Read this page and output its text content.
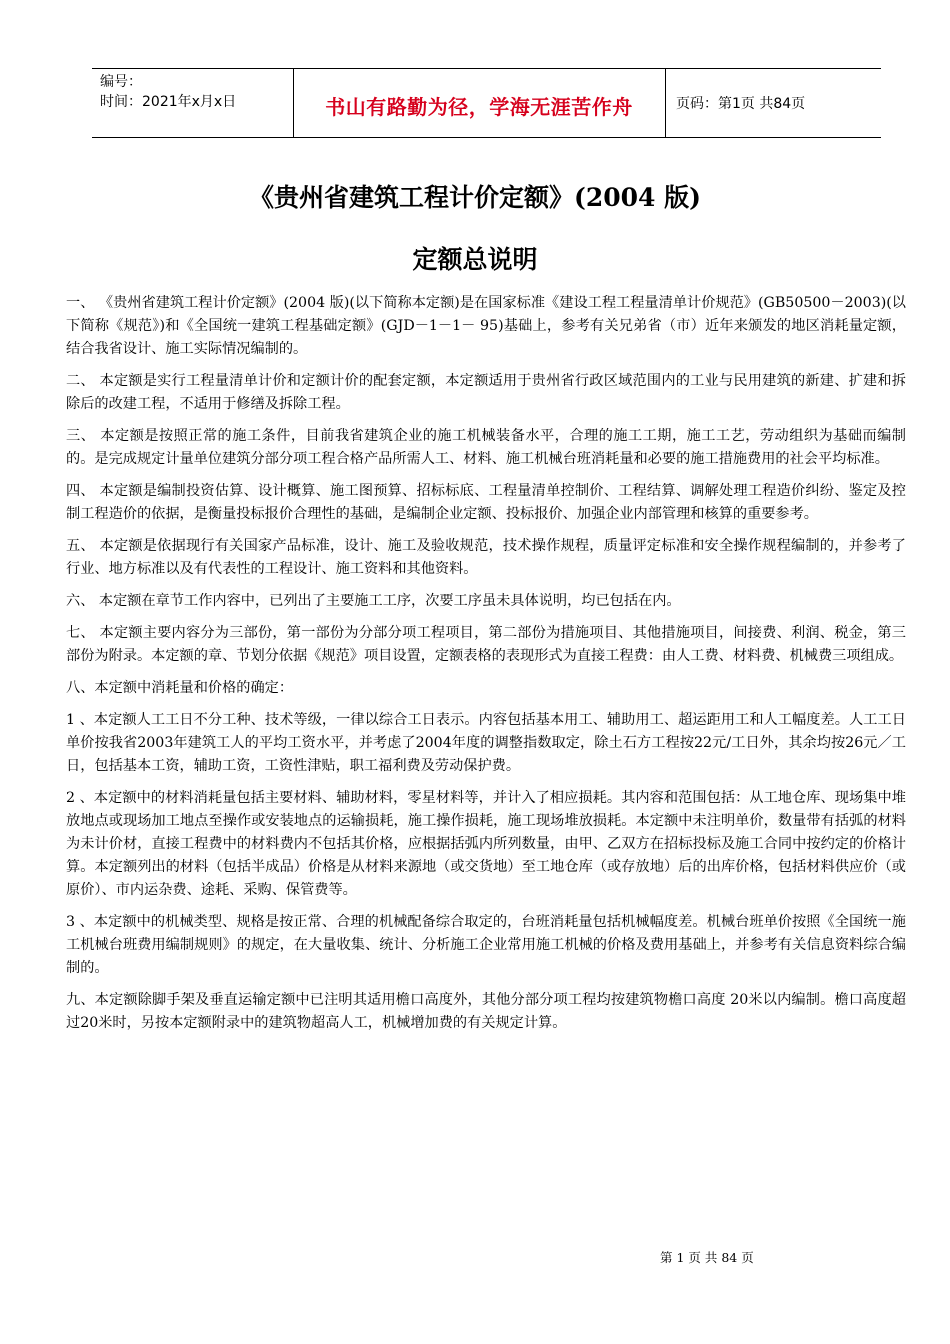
编号：
时间：2021年x月x日	书山有路勤为径，学海无涯苦作舟	页码：第1页 共84页
《贵州省建筑工程计价定额》(2004 版)
定额总说明

一、 《贵州省建筑工程计价定额》(2004 版)(以下简称本定额)是在国家标准《建设工程工程量清单计价规范》(GB50500－2003)(以下简称《规范》)和《全国统一建筑工程基础定额》(GJD－1－1－ 95)基础上，参考有关兄弟省（市）近年来颁发的地区消耗量定额，结合我省设计、施工实际情况编制的。

二、 本定额是实行工程量清单计价和定额计价的配套定额，本定额适用于贵州省行政区域范围内的工业与民用建筑的新建、扩建和拆除后的改建工程，不适用于修缮及拆除工程。

三、 本定额是按照正常的施工条件，目前我省建筑企业的施工机械装备水平，合理的施工工期，施工工艺，劳动组织为基础而编制的。是完成规定计量单位建筑分部分项工程合格产品所需人工、材料、施工机械台班消耗量和必要的施工措施费用的社会平均标准。

四、 本定额是编制投资估算、设计概算、施工图预算、招标标底、工程量清单控制价、工程结算、调解处理工程造价纠纷、鉴定及控制工程造价的依据，是衡量投标报价合理性的基础，是编制企业定额、投标报价、加强企业内部管理和核算的重要参考。

五、 本定额是依据现行有关国家产品标准，设计、施工及验收规范，技术操作规程，质量评定标准和安全操作规程编制的，并参考了行业、地方标准以及有代表性的工程设计、施工资料和其他资料。

六、 本定额在章节工作内容中，已列出了主要施工工序，次要工序虽未具体说明，均已包括在内。

七、 本定额主要内容分为三部份，第一部份为分部分项工程项目，第二部份为措施项目、其他措施项目，间接费、利润、税金，第三部份为附录。本定额的章、节划分依据《规范》项目设置，定额表格的表现形式为直接工程费：由人工费、材料费、机械费三项组成。

八、本定额中消耗量和价格的确定：

1 、本定额人工工日不分工种、技术等级，一律以综合工日表示。内容包括基本用工、辅助用工、超运距用工和人工幅度差。人工工日单价按我省2003年建筑工人的平均工资水平，并考虑了2004年度的调整指数取定，除土石方工程按22元/工日外，其余均按26元／工日，包括基本工资，辅助工资，工资性津贴，职工福利费及劳动保护费。

2 、本定额中的材料消耗量包括主要材料、辅助材料，零星材料等，并计入了相应损耗。其内容和范围包括：从工地仓库、现场集中堆放地点或现场加工地点至操作或安装地点的运输损耗，施工操作损耗，施工现场堆放损耗。本定额中未注明单价，数量带有括弧的材料为未计价材，直接工程费中的材料费内不包括其价格，应根据括弧内所列数量，由甲、乙双方在招标投标及施工合同中按约定的价格计算。本定额列出的材料（包括半成品）价格是从材料来源地（或交货地）至工地仓库（或存放地）后的出库价格，包括材料供应价（或原价）、市内运杂费、途耗、采购、保管费等。

3 、本定额中的机械类型、规格是按正常、合理的机械配备综合取定的，台班消耗量包括机械幅度差。机械台班单价按照《全国统一施工机械台班费用编制规则》的规定，在大量收集、统计、分析施工企业常用施工机械的价格及费用基础上，并参考有关信息资料综合编制的。

九、本定额除脚手架及垂直运输定额中已注明其适用檐口高度外，其他分部分项工程均按建筑物檐口高度 20米以内编制。檐口高度超过20米时，另按本定额附录中的建筑物超高人工，机械增加费的有关规定计算。

第 1 页 共 84 页
